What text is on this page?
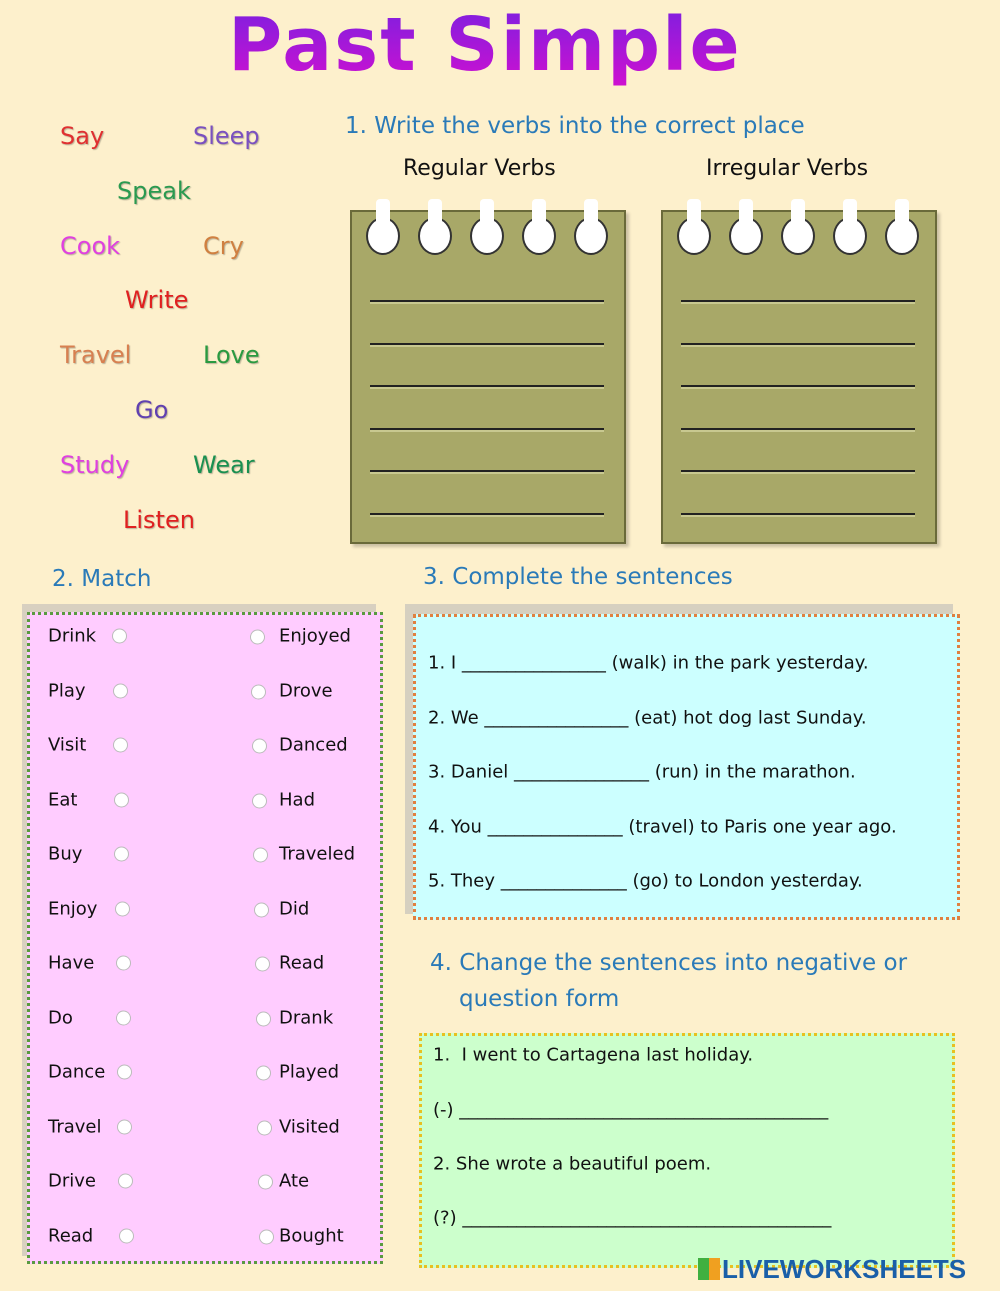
Past Simple
1. Write the verbs into the correct place
Regular Verbs	Irregular Verbs
2. Match	3. Complete the sentences
4. Change the sentences into negative or
question form
LIVEWORKSHEETS
Say	Sleep
Speak
Cook	Cry
Write
Travel	Love
Go
Study	Wear
Listen
Drink	Enjoyed
Play	Drove
Visit	Danced
Eat	Had
Buy	Traveled
Enjoy	Did
Have	Read
Do	Drank
Dance	Played
Travel	Visited
Drive	Ate
Read	Bought
1. I ________________ (walk) in the park yesterday.
2. We ________________ (eat) hot dog last Sunday.
3. Daniel _______________ (run) in the marathon.
4. You _______________ (travel) to Paris one year ago.
5. They ______________ (go) to London yesterday.
1.  I went to Cartagena last holiday.
(-) _________________________________________
2. She wrote a beautiful poem.
(?) _________________________________________
